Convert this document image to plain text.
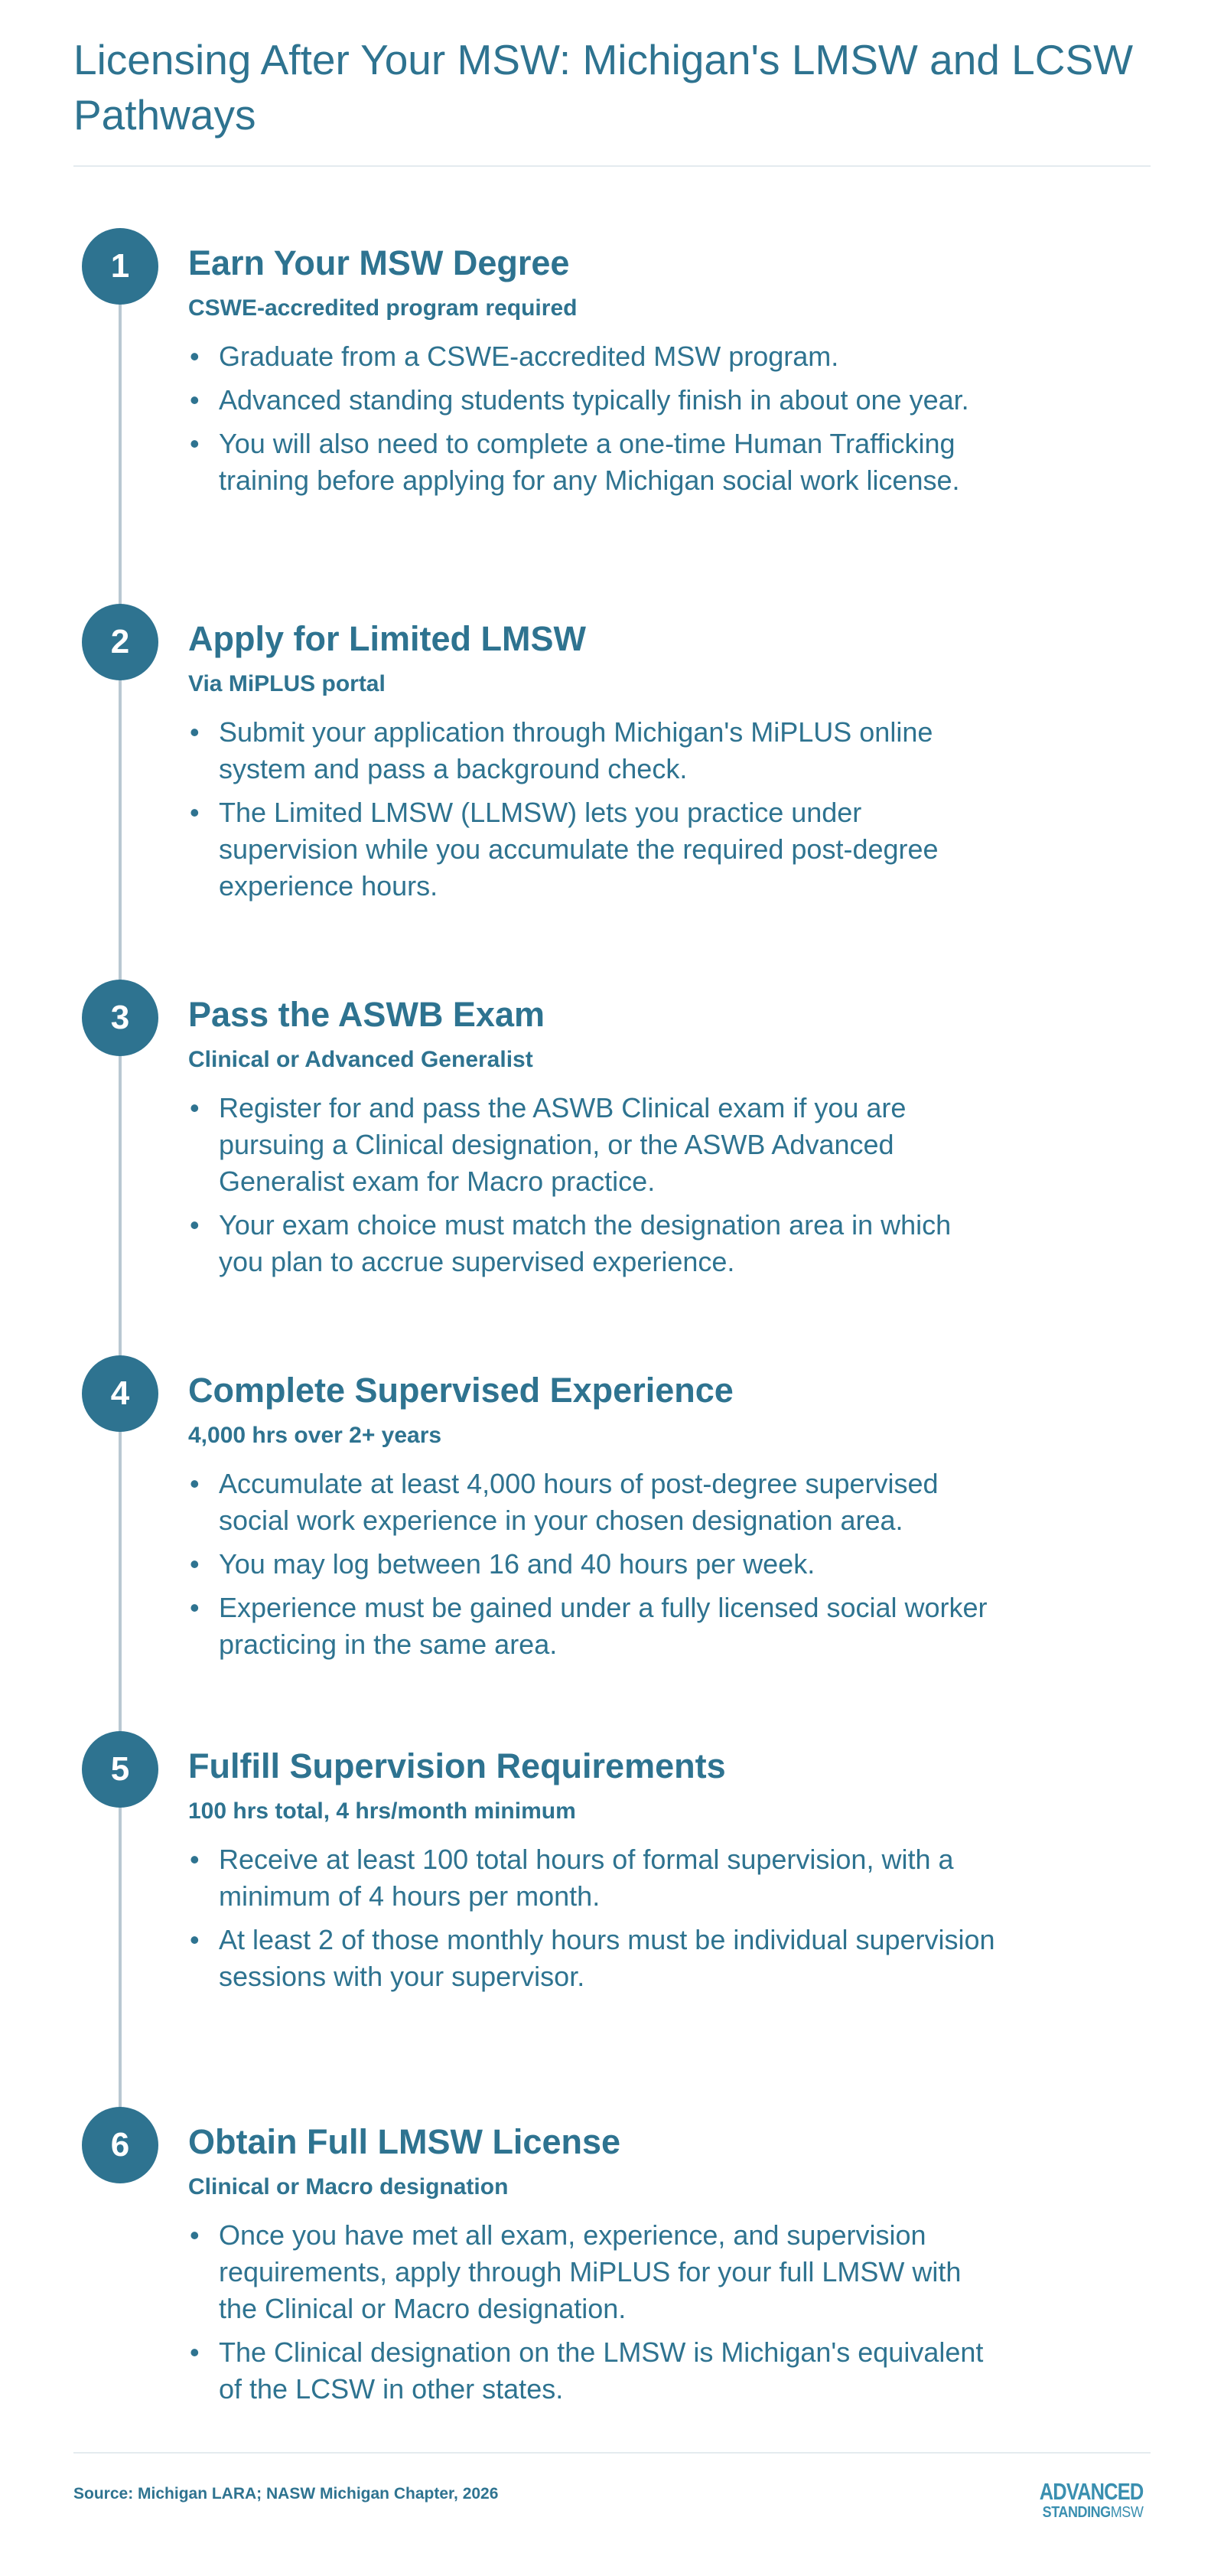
Licensing After Your MSW: Michigan's LMSW and LCSW Pathways
1	Earn Your MSW Degree
CSWE-accredited program required
• Graduate from a CSWE-accredited MSW program.
• Advanced standing students typically finish in about one year.
• You will also need to complete a one-time Human Trafficking training before applying for any Michigan social work license.
2	Apply for Limited LMSW
Via MiPLUS portal
• Submit your application through Michigan's MiPLUS online system and pass a background check.
• The Limited LMSW (LLMSW) lets you practice under supervision while you accumulate the required post-degree experience hours.
3	Pass the ASWB Exam
Clinical or Advanced Generalist
• Register for and pass the ASWB Clinical exam if you are pursuing a Clinical designation, or the ASWB Advanced Generalist exam for Macro practice.
• Your exam choice must match the designation area in which you plan to accrue supervised experience.
4	Complete Supervised Experience
4,000 hrs over 2+ years
• Accumulate at least 4,000 hours of post-degree supervised social work experience in your chosen designation area.
• You may log between 16 and 40 hours per week.
• Experience must be gained under a fully licensed social worker practicing in the same area.
5	Fulfill Supervision Requirements
100 hrs total, 4 hrs/month minimum
• Receive at least 100 total hours of formal supervision, with a minimum of 4 hours per month.
• At least 2 of those monthly hours must be individual supervision sessions with your supervisor.
6	Obtain Full LMSW License
Clinical or Macro designation
• Once you have met all exam, experience, and supervision requirements, apply through MiPLUS for your full LMSW with the Clinical or Macro designation.
• The Clinical designation on the LMSW is Michigan's equivalent of the LCSW in other states.
Source: Michigan LARA; NASW Michigan Chapter, 2026	ADVANCED
STANDINGMSW
